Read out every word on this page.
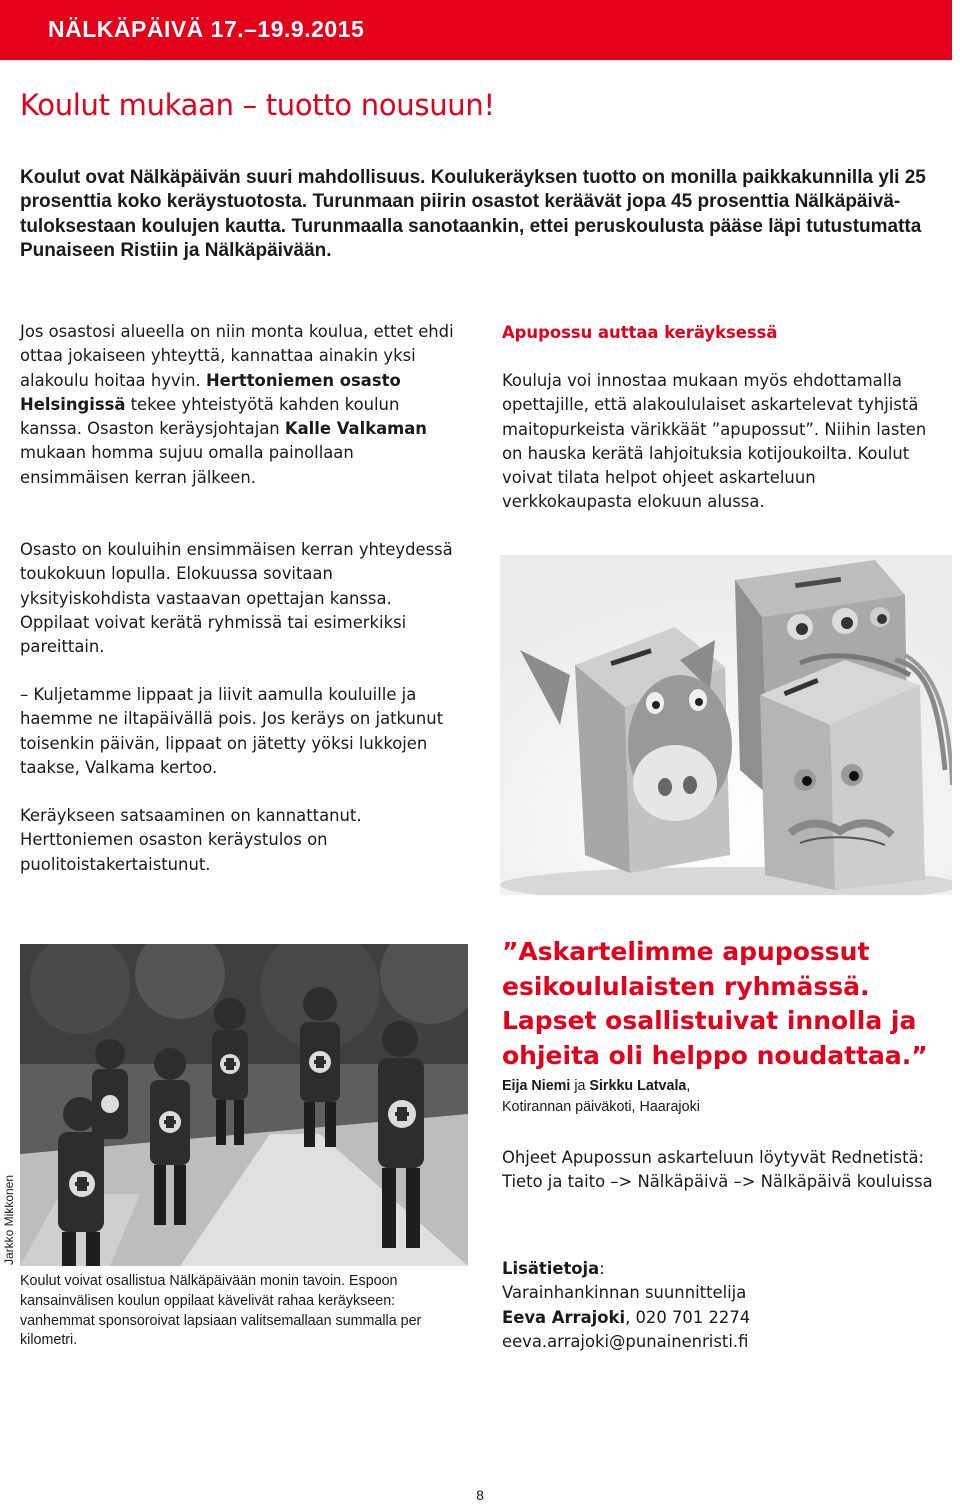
NÄLKÄPÄIVÄ 17.–19.9.2015
Koulut mukaan – tuotto nousuun!

Koulut ovat Nälkäpäivän suuri mahdollisuus. Koulukeräyksen tuotto on monilla paikkakunnilla yli 25 prosenttia koko keräystuotosta. Turunmaan piirin osastot keräävät jopa 45 prosenttia Nälkäpäivä-tuloksestaan koulujen kautta. Turunmaalla sanotaankin, ettei peruskoulusta pääse läpi tutustumatta Punaiseen Ristiin ja Nälkäpäivään.

Jos osastosi alueella on niin monta koulua, ettet ehdi ottaa jokaiseen yhteyttä, kannattaa ainakin yksi alakoulu hoitaa hyvin. Herttoniemen osasto Helsingissä tekee yhteistyötä kahden koulun kanssa. Osaston keräysjohtajan Kalle Valkaman mukaan homma sujuu omalla painollaan ensimmäisen kerran jälkeen.

Osasto on kouluihin ensimmäisen kerran yhteydessä toukokuun lopulla. Elokuussa sovitaan yksityiskohdista vastaavan opettajan kanssa. Oppilaat voivat kerätä ryhmissä tai esimerkiksi pareittain.

– Kuljetamme lippaat ja liivit aamulla kouluille ja haemme ne iltapäivällä pois. Jos keräys on jatkunut toisenkin päivän, lippaat on jätetty yöksi lukkojen taakse, Valkama kertoo.

Keräykseen satsaaminen on kannattanut. Herttoniemen osaston keräystulos on puolitoistakertaistunut.

Apupossu auttaa keräyksessä

Kouluja voi innostaa mukaan myös ehdottamalla opettajille, että alakoululaiset askartelevat tyhjistä maitopurkeista värikkäät ”apupossut”. Niihin lasten on hauska kerätä lahjoituksia kotijoukoilta. Koulut voivat tilata helpot ohjeet askarteluun verkkokaupasta elokuun alussa.

Jarkko Mikkonen

Koulut voivat osallistua Nälkäpäivään monin tavoin. Espoon kansainvälisen koulun oppilaat kävelivät rahaa keräykseen: vanhemmat sponsoroivat lapsiaan valitsemallaan summalla per kilometri.

”Askartelimme apupossut esikoululaisten ryhmässä. Lapset osallistuivat innolla ja ohjeita oli helppo noudattaa.”

Eija Niemi ja Sirkku Latvala,
Kotirannan päiväkoti, Haarajoki

Ohjeet Apupossun askarteluun löytyvät Rednetistä: Tieto ja taito –> Nälkäpäivä –> Nälkäpäivä kouluissa

Lisätietoja:
Varainhankinnan suunnittelija
Eeva Arrajoki, 020 701 2274
eeva.arrajoki@punainenristi.fi

8
